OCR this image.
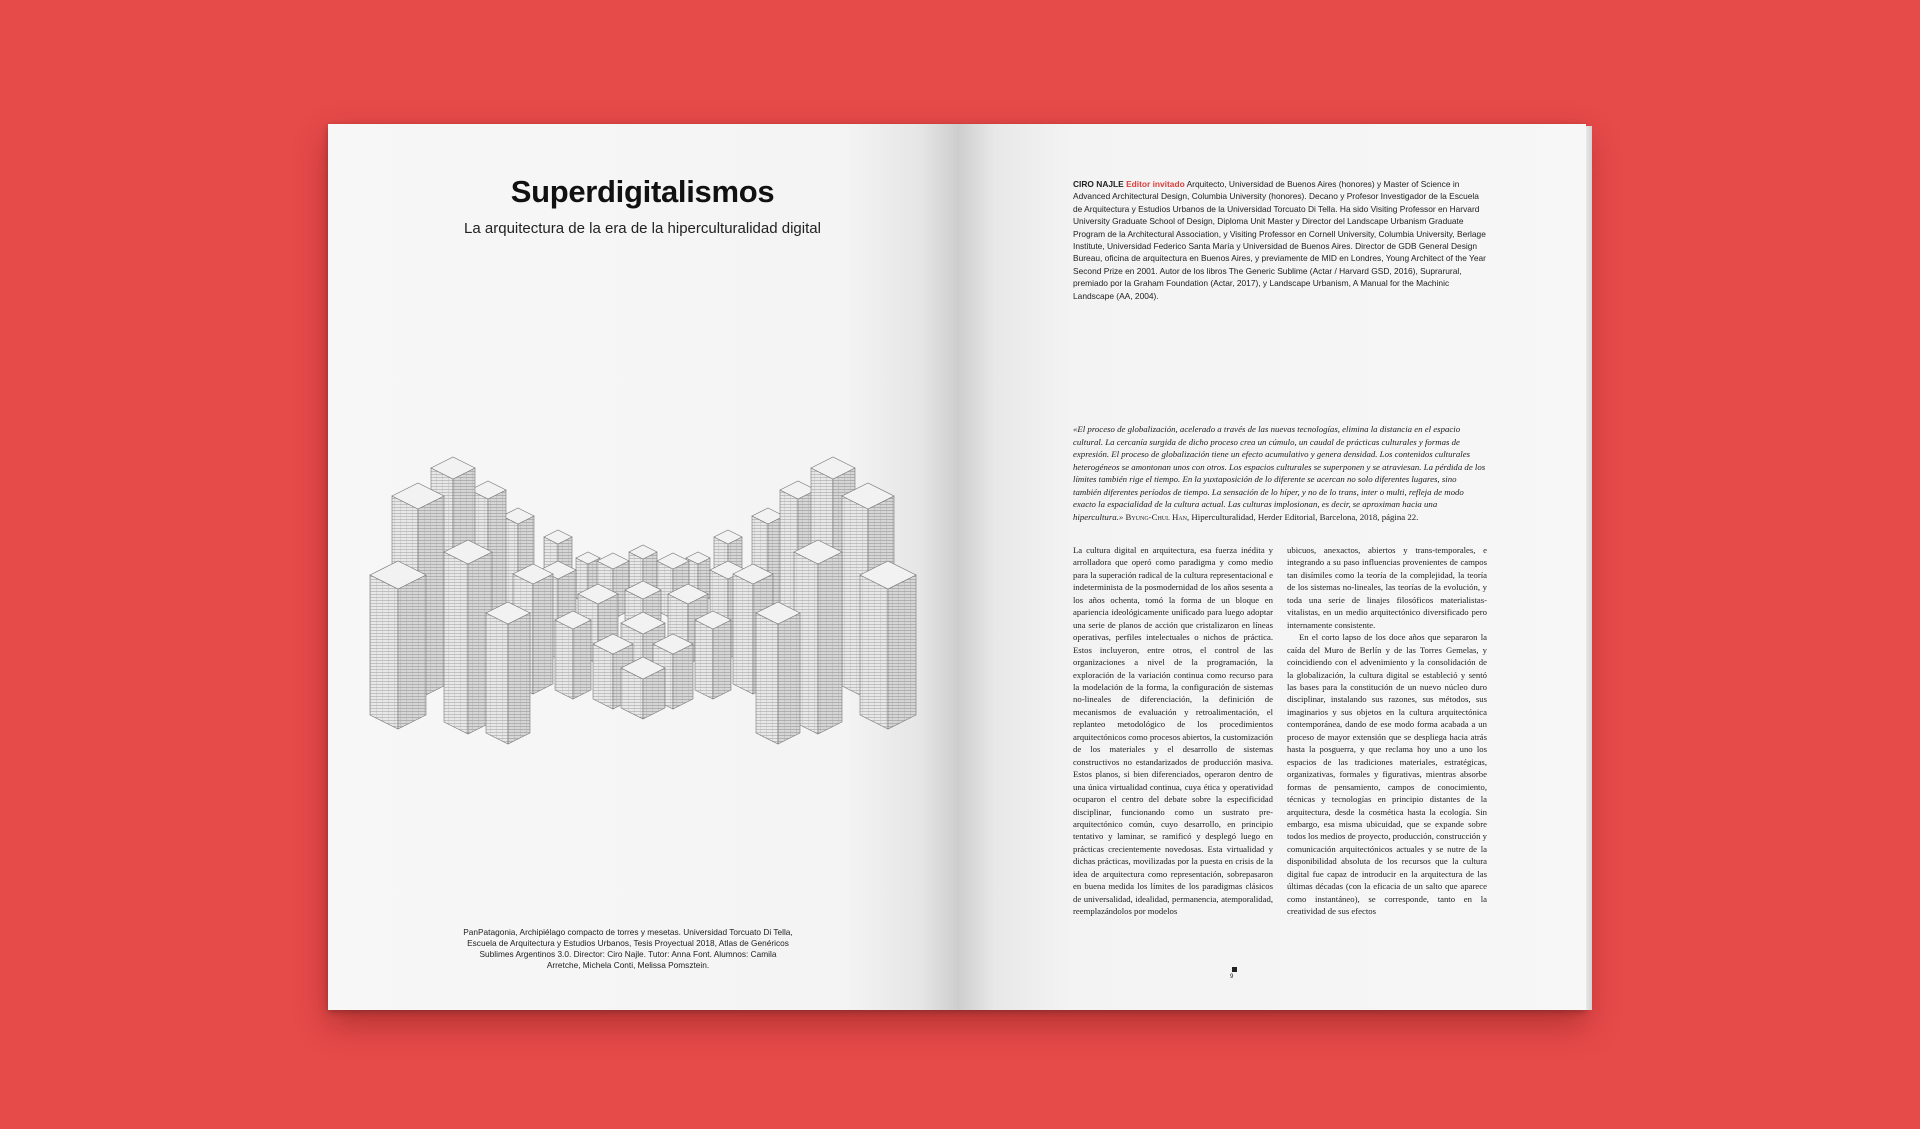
Superdigitalismos
La arquitectura de la era de la hiperculturalidad digital
PanPatagonia, Archipiélago compacto de torres y mesetas. Universidad Torcuato Di Tella, Escuela de Arquitectura y Estudios Urbanos, Tesis Proyectual 2018, Atlas de Genéricos Sublimes Argentinos 3.0. Director: Ciro Najle. Tutor: Anna Font. Alumnos: Camila Arretche, Michela Conti, Melissa Pomsztein.
CIRO NAJLE Editor invitado Arquitecto, Universidad de Buenos Aires (honores) y Master of Science in Advanced Architectural Design, Columbia University (honores). Decano y Profesor Investigador de la Escuela de Arquitectura y Estudios Urbanos de la Universidad Torcuato Di Tella. Ha sido Visiting Professor en Harvard University Graduate School of Design, Diploma Unit Master y Director del Landscape Urbanism Graduate Program de la Architectural Association, y Visiting Professor en Cornell University, Columbia University, Berlage Institute, Universidad Federico Santa María y Universidad de Buenos Aires. Director de GDB General Design Bureau, oficina de arquitectura en Buenos Aires, y previamente de MID en Londres, Young Architect of the Year Second Prize en 2001. Autor de los libros The Generic Sublime (Actar / Harvard GSD, 2016), Suprarural, premiado por la Graham Foundation (Actar, 2017), y Landscape Urbanism, A Manual for the Machinic Landscape (AA, 2004).
«El proceso de globalización, acelerado a través de las nuevas tecnologías, elimina la distancia en el espacio cultural. La cercanía surgida de dicho proceso crea un cúmulo, un caudal de prácticas culturales y formas de expresión. El proceso de globalización tiene un efecto acumulativo y genera densidad. Los contenidos culturales heterogéneos se amontonan unos con otros. Los espacios culturales se superponen y se atraviesan. La pérdida de los límites también rige el tiempo. En la yuxtaposición de lo diferente se acercan no solo diferentes lugares, sino también diferentes períodos de tiempo. La sensación de lo híper, y no de lo trans, inter o multi, refleja de modo exacto la espacialidad de la cultura actual. Las culturas implosionan, es decir, se aproximan hacia una hipercultura.» Byung-Chul Han, Hiperculturalidad, Herder Editorial, Barcelona, 2018, página 22.

La cultura digital en arquitectura, esa fuerza inédita y arrolladora que operó como paradigma y como medio para la superación radical de la cultura representacional e indeterminista de la posmodernidad de los años sesenta a los años ochenta, tomó la forma de un bloque en apariencia ideológicamente unificado para luego adoptar una serie de planos de acción que cristalizaron en líneas operativas, perfiles intelectuales o nichos de práctica. Estos incluyeron, entre otros, el control de las organizaciones a nivel de la programación, la exploración de la variación continua como recurso para la modelación de la forma, la configuración de sistemas no-lineales de diferenciación, la definición de mecanismos de evaluación y retroalimentación, el replanteo metodológico de los procedimientos arquitectónicos como procesos abiertos, la customización de los materiales y el desarrollo de sistemas constructivos no estandarizados de producción masiva. Estos planos, si bien diferenciados, operaron dentro de una única virtualidad continua, cuya ética y operatividad ocuparon el centro del debate sobre la especificidad disciplinar, funcionando como un sustrato pre-arquitectónico común, cuyo desarrollo, en principio tentativo y laminar, se ramificó y desplegó luego en prácticas crecientemente novedosas. Esta virtualidad y dichas prácticas, movilizadas por la puesta en crisis de la idea de arquitectura como representación, sobrepasaron en buena medida los límites de los paradigmas clásicos de universalidad, idealidad, permanencia, atemporalidad, reemplazándolos por modelos

ubicuos, anexactos, abiertos y trans-temporales, e integrando a su paso influencias provenientes de campos tan disímiles como la teoría de la complejidad, la teoría de los sistemas no-lineales, las teorías de la evolución, y toda una serie de linajes filosóficos materialistas-vitalistas, en un medio arquitectónico diversificado pero internamente consistente.

En el corto lapso de los doce años que separaron la caída del Muro de Berlín y de las Torres Gemelas, y coincidiendo con el advenimiento y la consolidación de la globalización, la cultura digital se estableció y sentó las bases para la constitución de un nuevo núcleo duro disciplinar, instalando sus razones, sus métodos, sus imaginarios y sus objetos en la cultura arquitectónica contemporánea, dando de ese modo forma acabada a un proceso de mayor extensión que se despliega hacia atrás hasta la posguerra, y que reclama hoy uno a uno los espacios de las tradiciones materiales, estratégicas, organizativas, formales y figurativas, mientras absorbe formas de pensamiento, campos de conocimiento, técnicas y tecnologías en principio distantes de la arquitectura, desde la cosmética hasta la ecología. Sin embargo, esa misma ubicuidad, que se expande sobre todos los medios de proyecto, producción, construcción y comunicación arquitectónicos actuales y se nutre de la disponibilidad absoluta de los recursos que la cultura digital fue capaz de introducir en la arquitectura de las últimas décadas (con la eficacia de un salto que aparece como instantáneo), se corresponde, tanto en la creatividad de sus efectos

9
